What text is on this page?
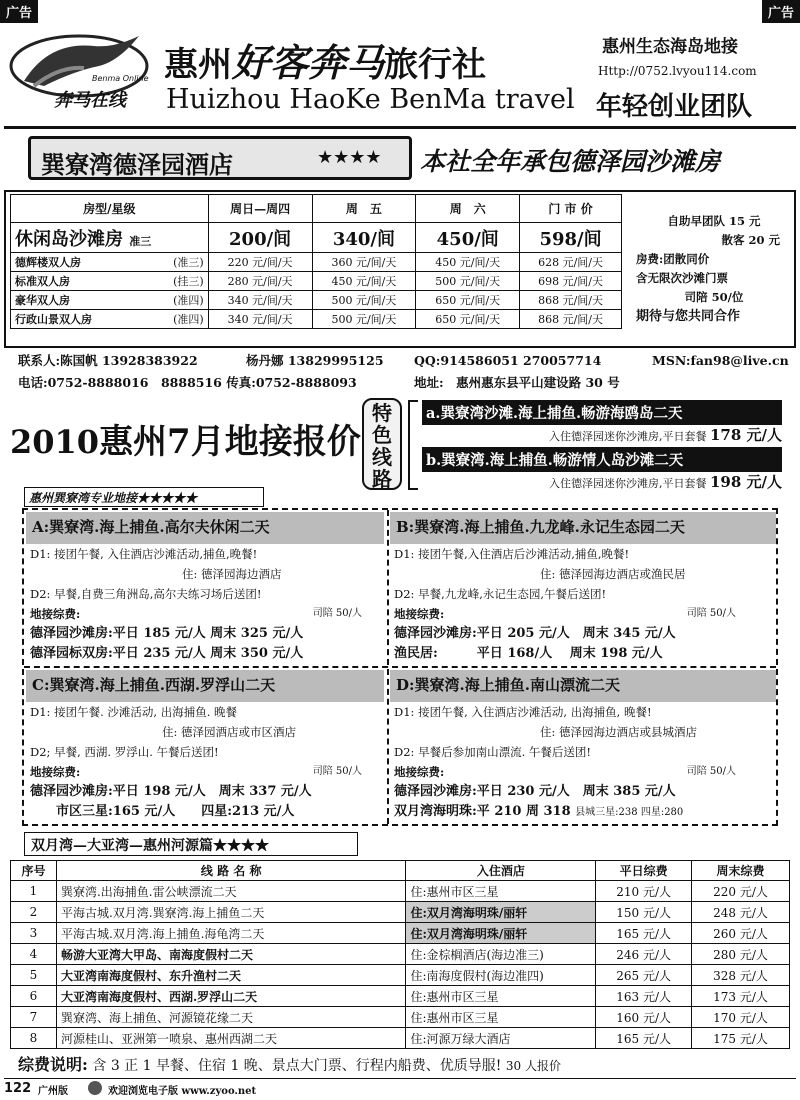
广告	广告
Benma Online
奔马在线
惠州好客奔马旅行社
Huizhou HaoKe BenMa travel
惠州生态海岛地接
Http://0752.lvyou114.com
年轻创业团队
巽寮湾德泽园酒店	★★★★ 本社全年承包德泽园沙滩房
房型/星级	周日—周四	周　五	周　六	门 市 价
休闲岛沙滩房 准三	200/间	340/间	450/间	598/间
德辉楼双人房 (准三)	220 元/间/天	360 元/间/天	450 元/间/天	628 元/间/天
标准双人房 (挂三)	280 元/间/天	450 元/间/天	500 元/间/天	698 元/间/天
豪华双人房 (准四)	340 元/间/天	500 元/间/天	650 元/间/天	868 元/间/天
行政山景双人房 (准四)	340 元/间/天	500 元/间/天	650 元/间/天	868 元/间/天
自助早团队 15 元
散客 20 元
房费:团散同价
含无限次沙滩门票
司陪 50/位
期待与您共同合作
联系人:陈国帆 13928383922	杨丹娜 13829995125 QQ:914586051 270057714	MSN:fan98@live.cn
电话:0752-8888016　8888516 传真:0752-8888093	地址:　惠州惠东县平山建设路 30 号
2010惠州7月地接报价
特
色
线
路
a.巽寮湾沙滩.海上捕鱼.畅游海鸥岛二天
入住德泽园迷你沙滩房,平日套餐 178 元/人
b.巽寮湾.海上捕鱼.畅游情人岛沙滩二天
入住德泽园迷你沙滩房,平日套餐 198 元/人
惠州巽寮湾专业地接★★★★★
A:巽寮湾.海上捕鱼.高尔夫休闲二天
D1: 接团午餐, 入住酒店沙滩活动,捕鱼,晚餐!
住: 德泽园海边酒店
D2: 早餐,自费三角洲岛,高尔夫练习场后送团!
地接综费:	司陪 50/人
德泽园沙滩房:平日 185 元/人 周末 325 元/人
德泽园标双房:平日 235 元/人 周末 350 元/人
B:巽寮湾.海上捕鱼.九龙峰.永记生态园二天
D1: 接团午餐,入住酒店后沙滩活动,捕鱼,晚餐!
住: 德泽园海边酒店或渔民居
D2: 早餐,九龙峰,永记生态园,午餐后送团!
地接综费:	司陪 50/人
德泽园沙滩房:平日 205 元/人　周末 345 元/人
渔民居:　　　平日 168/人　 周末 198 元/人
C:巽寮湾.海上捕鱼.西湖.罗浮山二天
D1: 接团午餐. 沙滩活动, 出海捕鱼. 晚餐
住: 德泽园酒店或市区酒店
D2; 早餐, 西湖. 罗浮山. 午餐后送团!
地接综费:	司陪 50/人
德泽园沙滩房:平日 198 元/人　周末 337 元/人
　　市区三星:165 元/人　　四星:213 元/人
D:巽寮湾.海上捕鱼.南山漂流二天
D1: 接团午餐, 入住酒店沙滩活动, 出海捕鱼, 晚餐!
住: 德泽园海边酒店或县城酒店
D2: 早餐后参加南山漂流. 午餐后送团!
地接综费:	司陪 50/人
德泽园沙滩房:平日 230 元/人　周末 385 元/人
双月湾海明珠:平 210 周 318 县城三星:238 四星:280
双月湾—大亚湾—惠州河源篇★★★★
序号	线 路 名 称	入住酒店	平日综费	周末综费
1	巽寮湾.出海捕鱼.雷公峡漂流二天	住:惠州市区三星	210 元/人	220 元/人
2	平海古城.双月湾.巽寮湾.海上捕鱼二天	住:双月湾海明珠/丽轩	150 元/人	248 元/人
3	平海古城.双月湾.海上捕鱼.海龟湾二天	住:双月湾海明珠/丽轩	165 元/人	260 元/人
4	畅游大亚湾大甲岛、南海度假村二天	住:金棕榈酒店(海边准三)	246 元/人	280 元/人
5	大亚湾南海度假村、东升渔村二天	住:南海度假村(海边准四)	265 元/人	328 元/人
6	大亚湾南海度假村、西湖.罗浮山二天	住:惠州市区三星	163 元/人	173 元/人
7	巽寮湾、海上捕鱼、河源镜花缘二天	住:惠州市区三星	160 元/人	170 元/人
8	河源桂山、亚洲第一喷泉、惠州西湖二天	住:河源万绿大酒店	165 元/人	175 元/人
综费说明: 含 3 正 1 早餐、住宿 1 晚、景点大门票、行程内船费、优质导服! 30 人报价
122 广州版	欢迎浏览电子版 www.zyoo.net
